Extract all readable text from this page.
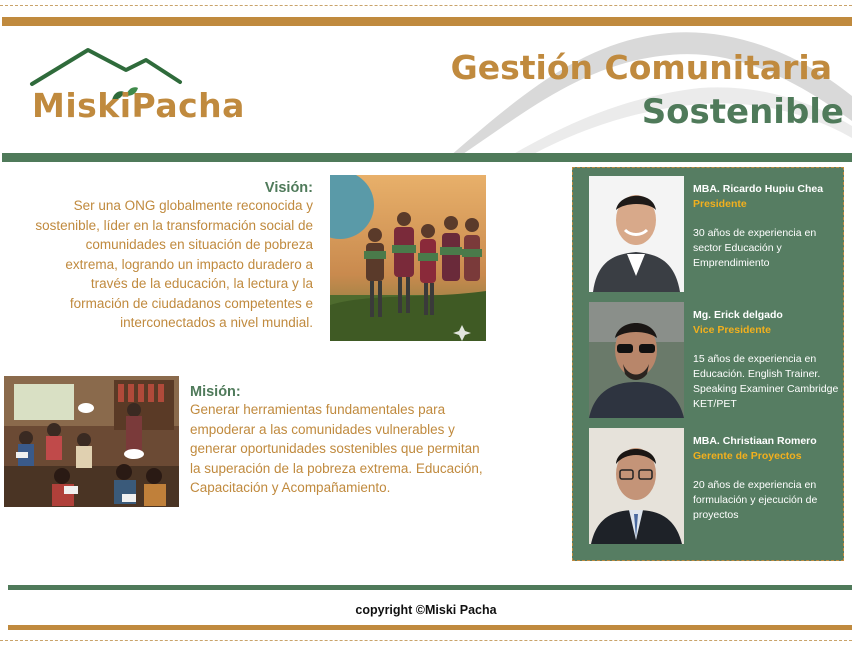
MiskiPacha
Gestión Comunitaria
Sostenible
Visión:
Ser una ONG globalmente reconocida y sostenible, líder en la transformación social de comunidades en situación de pobreza extrema, logrando un impacto duradero a través de la educación, la lectura y la formación de ciudadanos competentes e interconectados a nivel mundial.
Misión:
Generar herramientas fundamentales para empoderar a las comunidades vulnerables y generar oportunidades sostenibles que permitan la superación de la pobreza extrema. Educación, Capacitación y Acompañamiento.
MBA. Ricardo Hupiu Chea
Presidente
30 años de experiencia en sector Educación y Emprendimiento
Mg. Erick delgado
Vice Presidente
15 años de experiencia en Educación. English Trainer. Speaking Examiner Cambridge KET/PET
MBA. Christiaan Romero
Gerente de Proyectos
20 años de experiencia en formulación y ejecución de proyectos
copyright ©Miski Pacha
